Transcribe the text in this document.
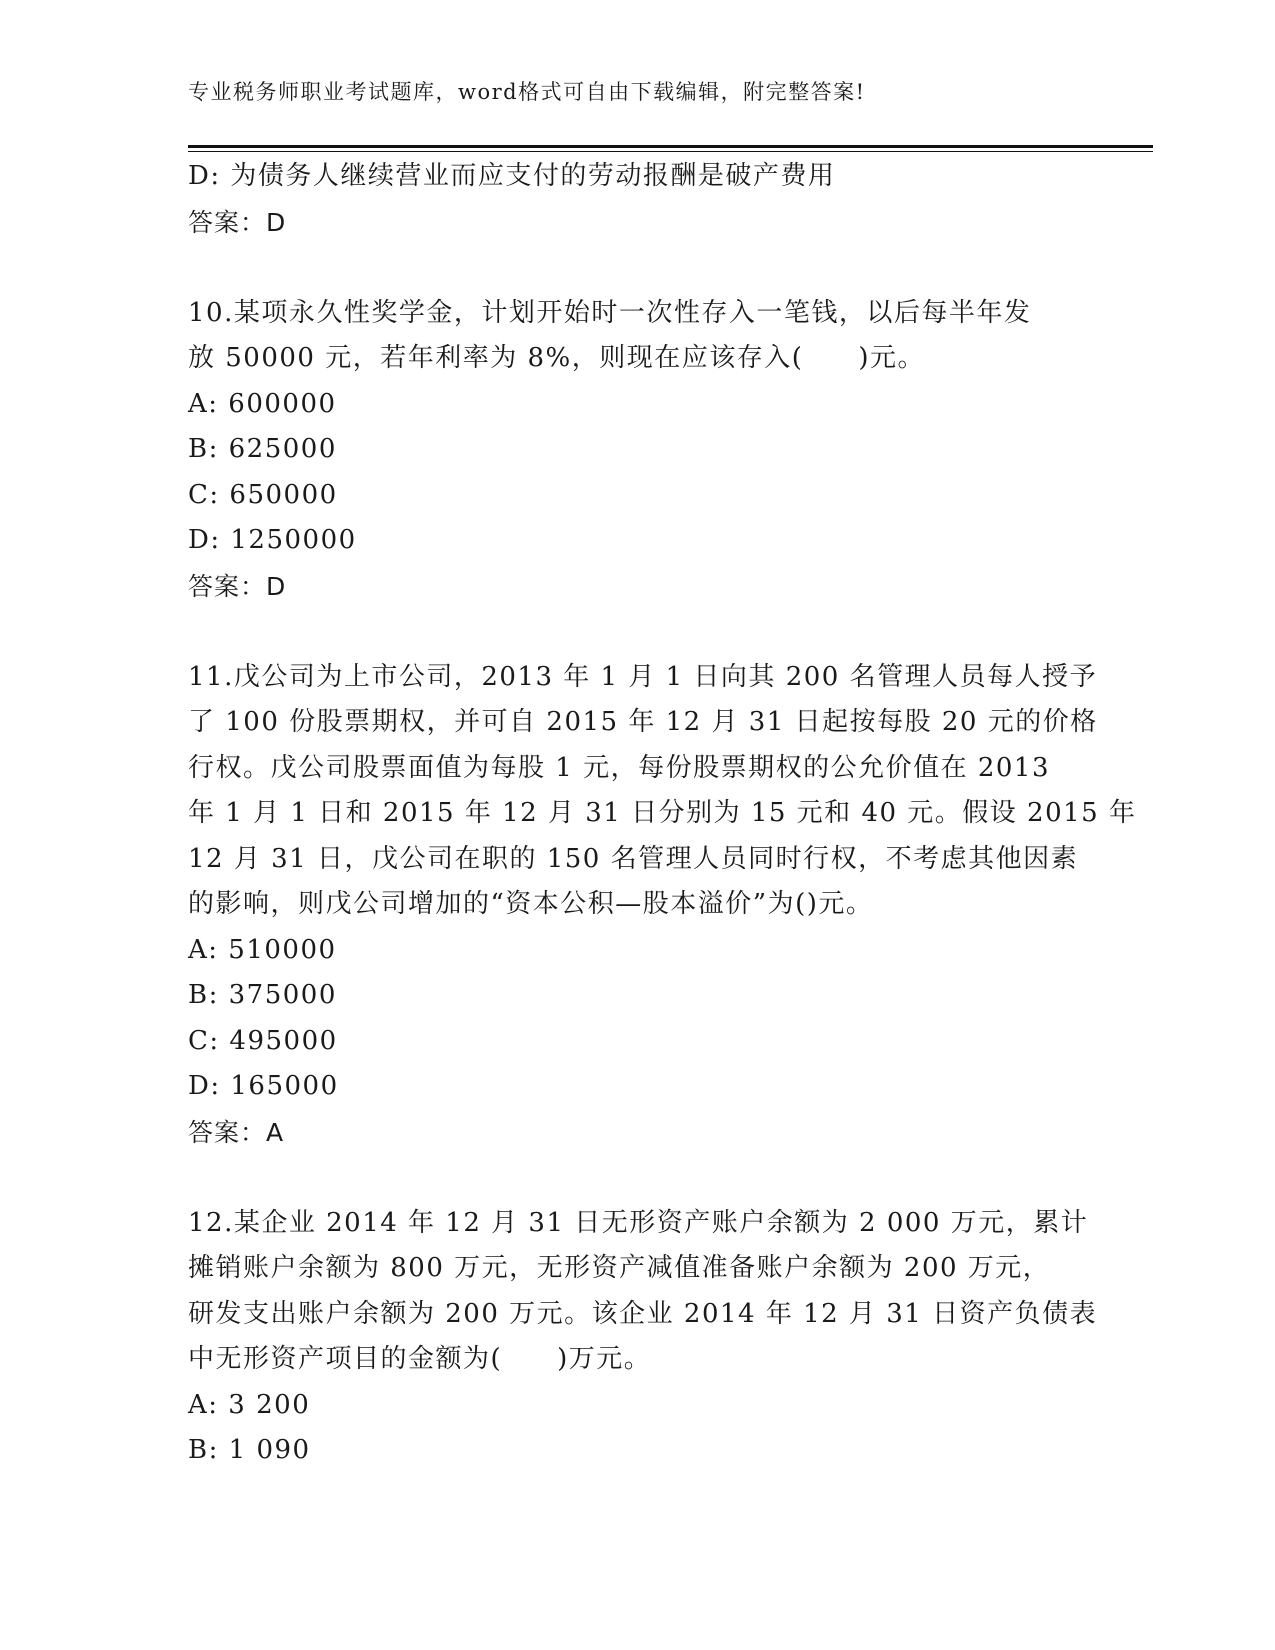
专业税务师职业考试题库，word格式可自由下载编辑，附完整答案!
D: 为债务人继续营业而应支付的劳动报酬是破产费用
答案：D
10.某项永久性奖学金，计划开始时一次性存入一笔钱，以后每半年发
放 50000 元，若年利率为 8%，则现在应该存入(　　)元。
A: 600000
B: 625000
C: 650000
D: 1250000
答案：D
11.戊公司为上市公司，2013 年 1 月 1 日向其 200 名管理人员每人授予
了 100 份股票期权，并可自 2015 年 12 月 31 日起按每股 20 元的价格
行权。戊公司股票面值为每股 1 元，每份股票期权的公允价值在 2013
年 1 月 1 日和 2015 年 12 月 31 日分别为 15 元和 40 元。假设 2015 年
12 月 31 日，戊公司在职的 150 名管理人员同时行权，不考虑其他因素
的影响，则戊公司增加的“资本公积—股本溢价”为()元。
A: 510000
B: 375000
C: 495000
D: 165000
答案：A
12.某企业 2014 年 12 月 31 日无形资产账户余额为 2 000 万元，累计
摊销账户余额为 800 万元，无形资产减值准备账户余额为 200 万元，
研发支出账户余额为 200 万元。该企业 2014 年 12 月 31 日资产负债表
中无形资产项目的金额为(　　)万元。
A: 3 200
B: 1 090
